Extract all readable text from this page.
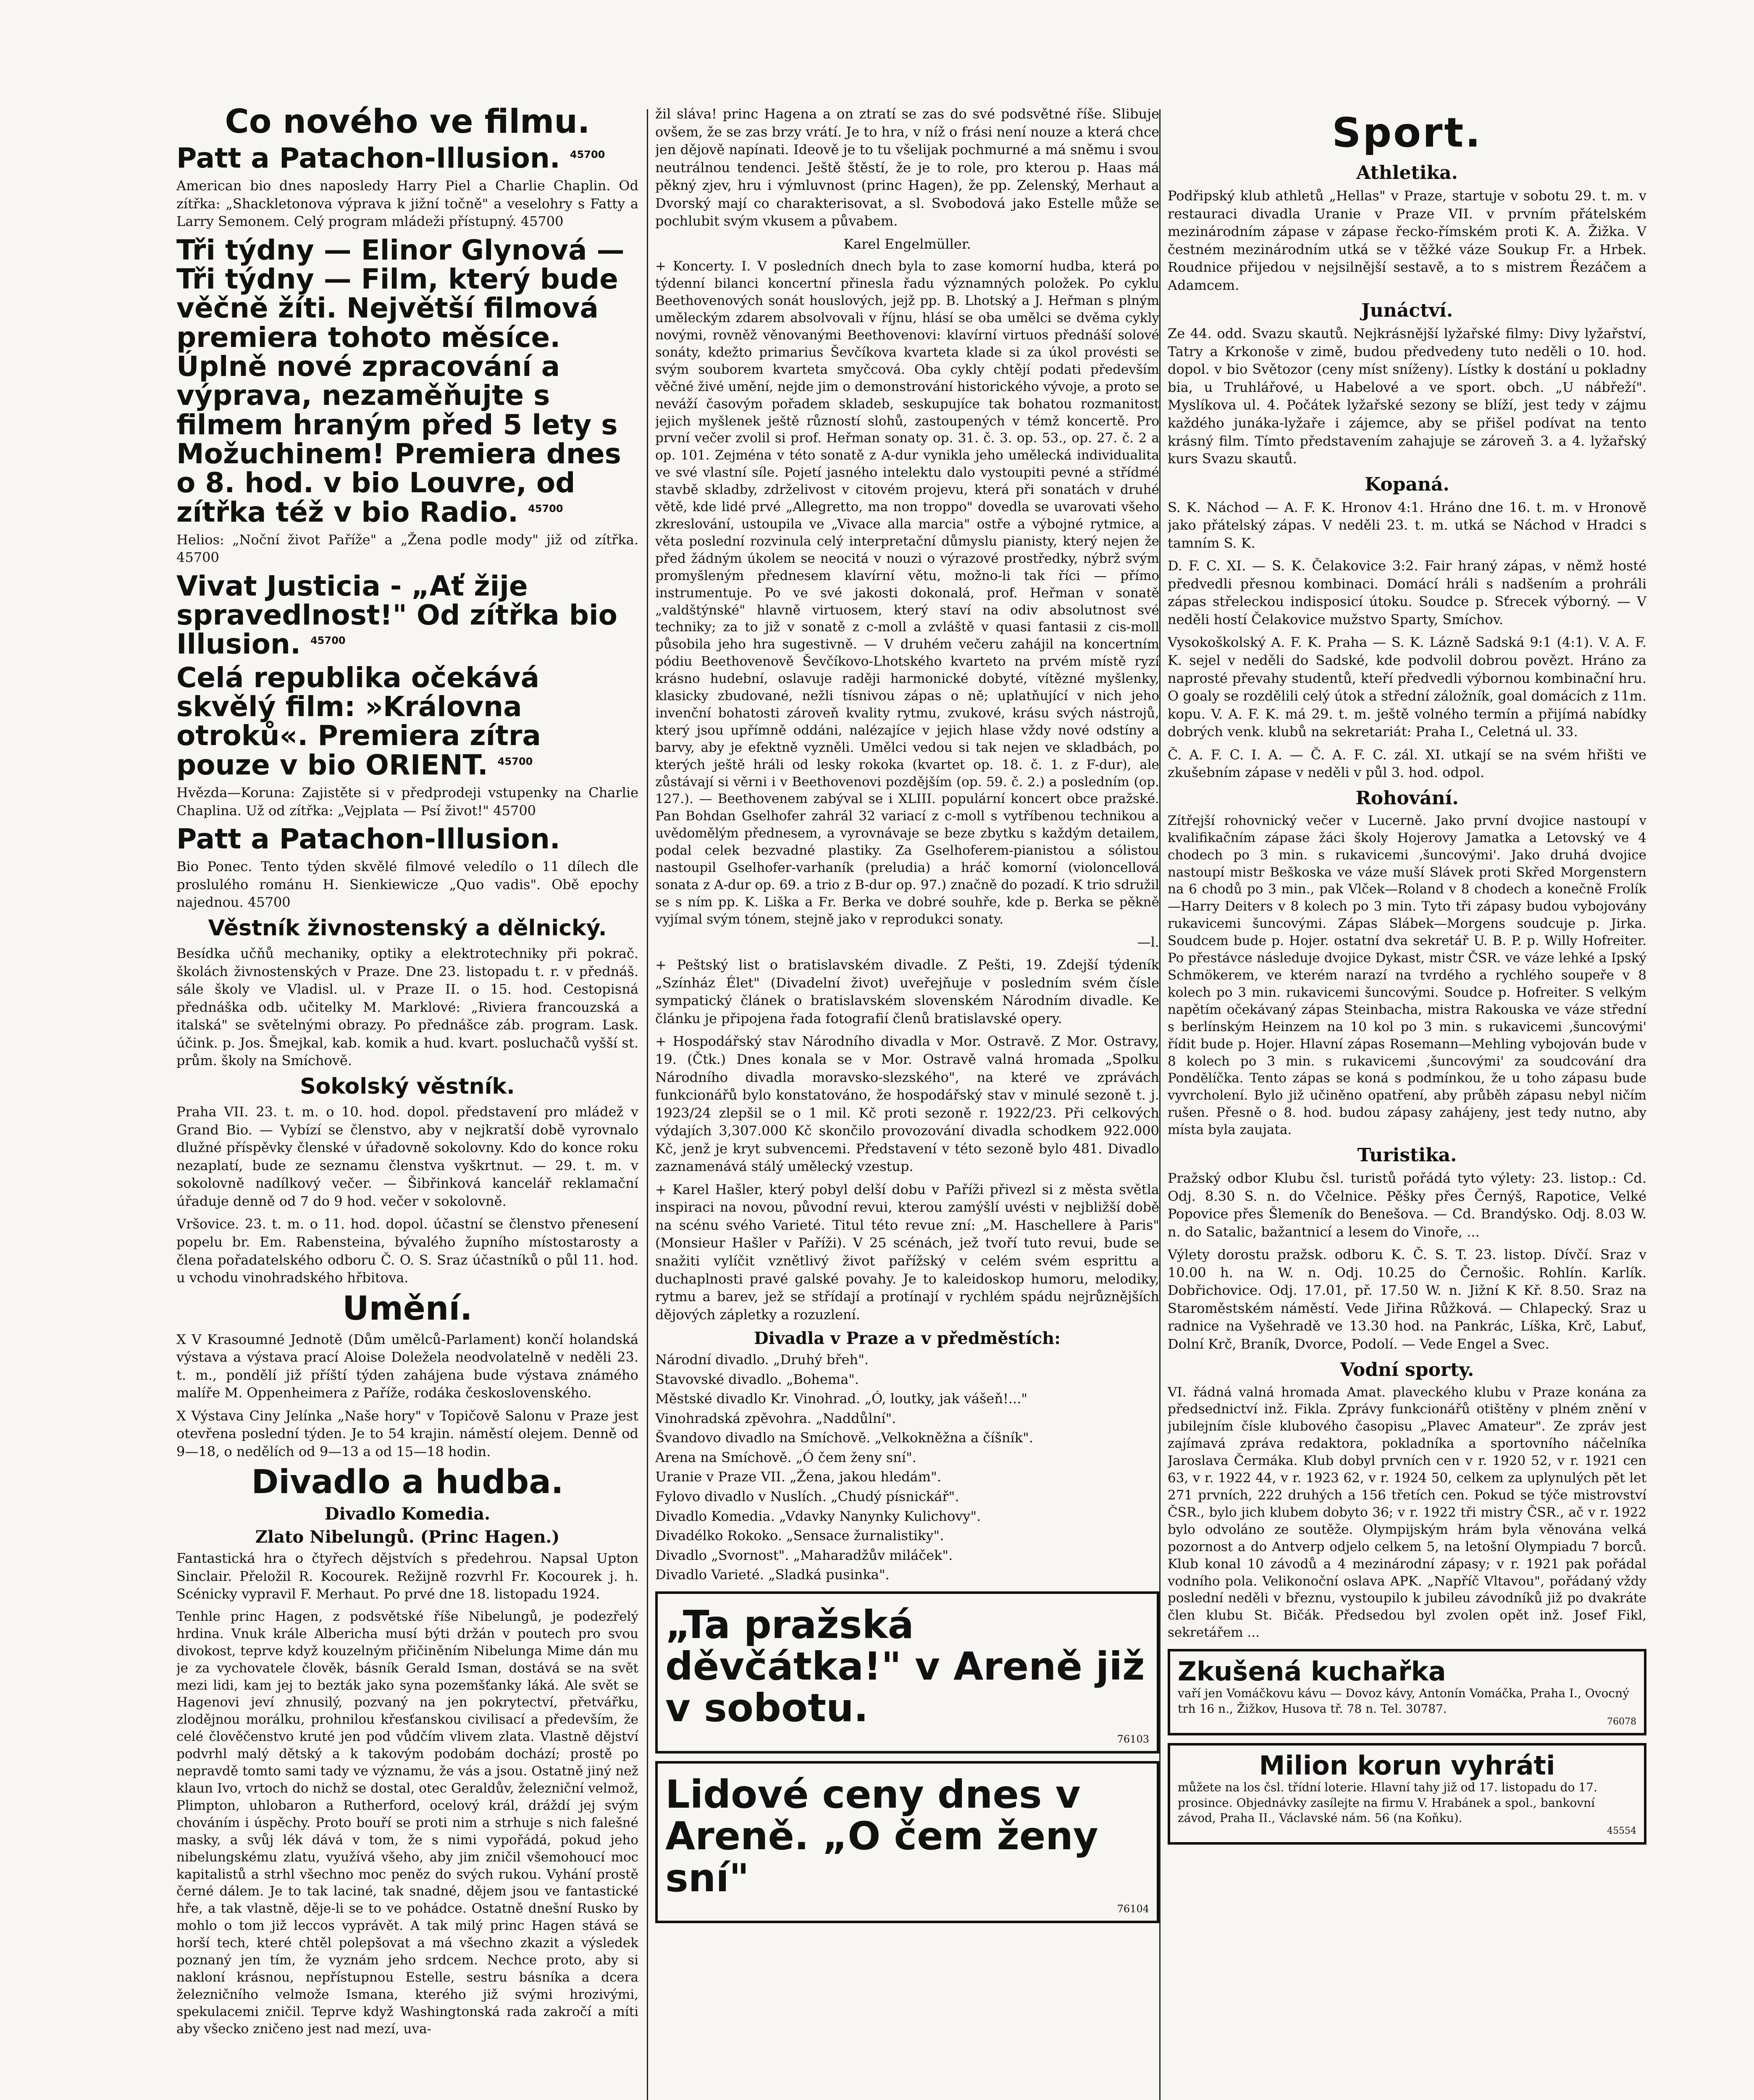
Co nového ve filmu.
Patt a Patachon-Illusion. $^{45700}$

American bio dnes naposledy Harry Piel a Charlie Chaplin. Od zítřka: „Shackletonova výprava k jižní točně" a veselohry s Fatty a Larry Semonem. Celý program mládeži přístupný. 45700

Tři týdny — Elinor Glynová — Tři týdny — Film, který bude věčně žíti. Největší filmová premiera tohoto měsíce. Úplně nové zpracování a výprava, nezaměňujte s filmem hraným před 5 lety s Možuchinem! Premiera dnes o 8. hod. v bio Louvre, od zítřka též v bio Radio. $^{45700}$

Helios: „Noční život Paříže" a „Žena podle mody" již od zítřka. 45700

Vivat Justicia - „Ať žije spravedlnost!" Od zítřka bio Illusion. $^{45700}$
Celá republika očekává skvělý film: »Královna otroků«. Premiera zítra pouze v bio ORIENT. $^{45700}$

Hvězda—Koruna: Zajistěte si v předprodeji vstupenky na Charlie Chaplina. Už od zítřka: „Vejplata — Psí život!" 45700

Patt a Patachon-Illusion.

Bio Ponec. Tento týden skvělé filmové veledílo o 11 dílech dle proslulého románu H. Sienkiewicze „Quo vadis". Obě epochy najednou. 45700

Věstník živnostenský a dělnický.

Besídka učňů mechaniky, optiky a elektrotechniky při pokrač. školách živnostenských v Praze. Dne 23. listopadu t. r. v přednáš. sále školy ve Vladisl. ul. v Praze II. o 15. hod. Cestopisná přednáška odb. učitelky M. Marklové: „Riviera francouzská a italská" se světelnými obrazy. Po přednášce záb. program. Lask. účink. p. Jos. Šmejkal, kab. komik a hud. kvart. posluchačů vyšší st. prům. školy na Smíchově.

Sokolský věstník.

Praha VII. 23. t. m. o 10. hod. dopol. představení pro mládež v Grand Bio. — Vybízí se členstvo, aby v nejkratší době vyrovnalo dlužné příspěvky členské v úřadovně sokolovny. Kdo do konce roku nezaplatí, bude ze seznamu členstva vyškrtnut. — 29. t. m. v sokolovně nadílkový večer. — Šibřinková kancelář reklamační úřaduje denně od 7 do 9 hod. večer v sokolovně.

Vršovice. 23. t. m. o 11. hod. dopol. účastní se členstvo přenesení popelu br. Em. Rabensteina, bývalého župního místostarosty a člena pořadatelského odboru Č. O. S. Sraz účastníků o půl 11. hod. u vchodu vinohradského hřbitova.

Umění.

X V Krasoumné Jednotě (Dům umělců-Parlament) končí holandská výstava a výstava prací Aloise Doležela neodvolatelně v neděli 23. t. m., pondělí již příští týden zahájena bude výstava známého malíře M. Oppenheimera z Paříže, rodáka československého.

X Výstava Ciny Jelínka „Naše hory" v Topičově Salonu v Praze jest otevřena poslední týden. Je to 54 krajin. náměstí olejem. Denně od 9—18, o nedělích od 9—13 a od 15—18 hodin.

Divadlo a hudba.
Divadlo Komedia.
Zlato Nibelungů. (Princ Hagen.)

Fantastická hra o čtyřech dějstvích s předehrou. Napsal Upton Sinclair. Přeložil R. Kocourek. Režijně rozvrhl Fr. Kocourek j. h. Scénicky vypravil F. Merhaut. Po prvé dne 18. listopadu 1924.

Tenhle princ Hagen, z podsvětské říše Nibelungů, je podezřelý hrdina. Vnuk krále Albericha musí býti držán v poutech pro svou divokost, teprve když kouzelným přičiněním Nibelunga Mime dán mu je za vychovatele člověk, básník Gerald Isman, dostává se na svět mezi lidi, kam jej to bezták jako syna pozemšťanky láká. Ale svět se Hagenovi jeví zhnusilý, pozvaný na jen pokrytectví, přetvářku, zlodějnou morálku, prohnilou křesťanskou civilisací a především, že celé člověčenstvo kruté jen pod vůdčím vlivem zlata. Vlastně dějství podvrhl malý dětský a k takovým podobám dochází; prostě po nepravdě tomto sami tady ve významu, že vás a jsou. Ostatně jiný než klaun Ivo, vrtoch do nichž se dostal, otec Geraldův, železniční velmož, Plimpton, uhlobaron a Rutherford, ocelový král, dráždí jej svým chováním i úspěchy. Proto bouří se proti nim a strhuje s nich falešné masky, a svůj lék dává v tom, že s nimi vypořádá, pokud jeho nibelungskému zlatu, využívá všeho, aby jim zničil všemohoucí moc kapitalistů a strhl všechno moc peněz do svých rukou. Vyhání prostě černé dálem. Je to tak laciné, tak snadné, dějem jsou ve fantastické hře, a tak vlastně, děje-li se to ve pohádce. Ostatně dnešní Rusko by mohlo o tom již leccos vyprávět. A tak milý princ Hagen stává se horší tech, které chtěl polepšovat a má všechno zkazit a výsledek poznaný jen tím, že vyznám jeho srdcem. Nechce proto, aby si nakloní krásnou, nepřístupnou Estelle, sestru básníka a dcera železničního velmože Ismana, kterého již svými hrozivými, spekulacemi zničil. Teprve když Washingtonská rada zakročí a míti aby všecko zničeno jest nad mezí, uva-

žil sláva! princ Hagena a on ztratí se zas do své podsvětné říše. Slibuje ovšem, že se zas brzy vrátí. Je to hra, v níž o frási není nouze a která chce jen dějově napínati. Ideově je to tu všelijak pochmurné a má sněmu i svou neutrálnou tendenci. Ještě štěstí, že je to role, pro kterou p. Haas má pěkný zjev, hru i výmluvnost (princ Hagen), že pp. Zelenský, Merhaut a Dvorský mají co charakterisovat, a sl. Svobodová jako Estelle může se pochlubit svým vkusem a půvabem.

Karel Engelmüller.

+ Koncerty. I. V posledních dnech byla to zase komorní hudba, která po týdenní bilanci koncertní přinesla řadu významných položek. Po cyklu Beethovenových sonát houslových, jejž pp. B. Lhotský a J. Heřman s plným uměleckým zdarem absolvovali v říjnu, hlásí se oba umělci se dvěma cykly novými, rovněž věnovanými Beethovenovi: klavírní virtuos přednáší solové sonáty, kdežto primarius Ševčíkova kvarteta klade si za úkol provésti se svým souborem kvarteta smyčcová. Oba cykly chtějí podati především věčné živé umění, nejde jim o demonstrování historického vývoje, a proto se neváží časovým pořadem skladeb, seskupujíce tak bohatou rozmanitost jejich myšlenek ještě růzností slohů, zastoupených v témž koncertě. Pro první večer zvolil si prof. Heřman sonaty op. 31. č. 3. op. 53., op. 27. č. 2 a op. 101. Zejména v této sonatě z A-dur vynikla jeho umělecká individualita ve své vlastní síle. Pojetí jasného intelektu dalo vystoupiti pevné a střídmé stavbě skladby, zdrželivost v citovém projevu, která při sonatách v druhé větě, kde lidé prvé „Allegretto, ma non troppo" dovedla se uvarovati všeho zkreslování, ustoupila ve „Vivace alla marcia" ostře a výbojné rytmice, a věta poslední rozvinula celý interpretační důmyslu pianisty, který nejen že před žádným úkolem se neocitá v nouzi o výrazové prostředky, nýbrž svým promyšleným přednesem klavírní větu, možno-li tak říci — přímo instrumentuje. Po ve své jakosti dokonalá, prof. Heřman v sonatě „valdštýnské" hlavně virtuosem, který staví na odiv absolutnost své techniky; za to již v sonatě z c-moll a zvláště v quasi fantasii z cis-moll působila jeho hra sugestivně. — V druhém večeru zahájil na koncertním pódiu Beethovenově Ševčíkovo-Lhotského kvarteto na prvém místě ryzí krásno hudební, oslavuje raději harmonické dobyté, vítězné myšlenky, klasicky zbudované, nežli tísnivou zápas o ně; uplatňující v nich jeho invenční bohatosti zároveň kvality rytmu, zvukové, krásu svých nástrojů, který jsou upřímně oddáni, nalézajíce v jejich hlase vždy nové odstíny a barvy, aby je efektně vyzněli. Umělci vedou si tak nejen ve skladbách, po kterých ještě hráli od lesky rokoka (kvartet op. 18. č. 1. z F-dur), ale zůstávají si věrni i v Beethovenovi pozdějším (op. 59. č. 2.) a posledním (op. 127.). — Beethovenem zabýval se i XLIII. populární koncert obce pražské. Pan Bohdan Gselhofer zahrál 32 variací z c-moll s vytříbenou technikou a uvědomělým přednesem, a vyrovnávaje se beze zbytku s každým detailem, podal celek bezvadné plastiky. Za Gselhoferem-pianistou a sólistou nastoupil Gselhofer-varhaník (preludia) a hráč komorní (violoncellová sonata z A-dur op. 69. a trio z B-dur op. 97.) značně do pozadí. K trio sdružil se s ním pp. K. Liška a Fr. Berka ve dobré souhře, kde p. Berka se pěkně vyjímal svým tónem, stejně jako v reprodukci sonaty.

—l.

+ Peštský list o bratislavském divadle. Z Pešti, 19. Zdejší týdeník „Színház Élet" (Divadelní život) uveřejňuje v posledním svém čísle sympatický článek o bratislavském slovenském Národním divadle. Ke článku je připojena řada fotografií členů bratislavské opery.

+ Hospodářský stav Národního divadla v Mor. Ostravě. Z Mor. Ostravy, 19. (Čtk.) Dnes konala se v Mor. Ostravě valná hromada „Spolku Národního divadla moravsko-slezského", na které ve zprávách funkcionářů bylo konstatováno, že hospodářský stav v minulé sezoně t. j. 1923/24 zlepšil se o 1 mil. Kč proti sezoně r. 1922/23. Při celkových výdajích 3,307.000 Kč skončilo provozování divadla schodkem 922.000 Kč, jenž je kryt subvencemi. Představení v této sezoně bylo 481. Divadlo zaznamenává stálý umělecký vzestup.

+ Karel Hašler, který pobyl delší dobu v Paříži přivezl si z města světla inspiraci na novou, původní revui, kterou zamýšlí uvésti v nejbližší době na scénu svého Varieté. Titul této revue zní: „M. Haschellere à Paris" (Monsieur Hašler v Paříži). V 25 scénách, jež tvoří tuto revui, bude se snažiti vylíčit vznětlivý život pařížský v celém svém esprittu a duchaplnosti pravé galské povahy. Je to kaleidoskop humoru, melodiky, rytmu a barev, jež se střídají a protínají v rychlém spádu nejrůznějších dějových zápletky a rozuzlení.

Divadla v Praze a v předměstích:

Národní divadlo. „Druhý břeh".

Stavovské divadlo. „Bohema".

Městské divadlo Kr. Vinohrad. „Ó, loutky, jak vášeň!..."

Vinohradská zpěvohra. „Naddůlní".

Švandovo divadlo na Smíchově. „Velkokněžna a číšník".

Arena na Smíchově. „Ó čem ženy sní".

Uranie v Praze VII. „Žena, jakou hledám".

Fylovo divadlo v Nuslích. „Chudý písnickář".

Divadlo Komedia. „Vdavky Nanynky Kulichovy".

Divadélko Rokoko. „Sensace žurnalistiky".

Divadlo „Svornost". „Maharadžův miláček".

Divadlo Varieté. „Sladká pusinka".

„Ta pražská děvčátka!" v Areně již v sobotu.
76103
Lidové ceny dnes v Areně. „O čem ženy sní"
76104
Sport.
Athletika.

Podřipský klub athletů „Hellas" v Praze, startuje v sobotu 29. t. m. v restauraci divadla Uranie v Praze VII. v prvním přátelském mezinárodním zápase v zápase řecko-římském proti K. A. Žižka. V čestném mezinárodním utká se v těžké váze Soukup Fr. a Hrbek. Roudnice přijedou v nejsilnější sestavě, a to s mistrem Řezáčem a Adamcem.

Junáctví.

Ze 44. odd. Svazu skautů. Nejkrásnější lyžařské filmy: Divy lyžařství, Tatry a Krkonoše v zimě, budou předvedeny tuto neděli o 10. hod. dopol. v bio Světozor (ceny míst sníženy). Lístky k dostání u pokladny bia, u Truhlářové, u Habelové a ve sport. obch. „U nábřeží". Myslíkova ul. 4. Počátek lyžařské sezony se blíží, jest tedy v zájmu každého junáka-lyžaře i zájemce, aby se přišel podívat na tento krásný film. Tímto představením zahajuje se zároveň 3. a 4. lyžařský kurs Svazu skautů.

Kopaná.

S. K. Náchod — A. F. K. Hronov 4:1. Hráno dne 16. t. m. v Hronově jako přátelský zápas. V neděli 23. t. m. utká se Náchod v Hradci s tamním S. K.

D. F. C. XI. — S. K. Čelakovice 3:2. Fair hraný zápas, v němž hosté předvedli přesnou kombinaci. Domácí hráli s nadšením a prohráli zápas střeleckou indisposicí útoku. Soudce p. Sťrecek výborný. — V neděli hostí Čelakovice mužstvo Sparty, Smíchov.

Vysokoškolský A. F. K. Praha — S. K. Lázně Sadská 9:1 (4:1). V. A. F. K. sejel v neděli do Sadské, kde podvolil dobrou povězt. Hráno za naprosté převahy studentů, kteří předvedli výbornou kombinační hru. O goaly se rozdělili celý útok a střední záložník, goal domácích z 11m. kopu. V. A. F. K. má 29. t. m. ještě volného termín a přijímá nabídky dobrých venk. klubů na sekretariát: Praha I., Celetná ul. 33.

Č. A. F. C. I. A. — Č. A. F. C. zál. XI. utkají se na svém hřišti ve zkušebním zápase v neděli v půl 3. hod. odpol.

Rohování.

Zítřejší rohovnický večer v Lucerně. Jako první dvojice nastoupí v kvalifikačním zápase žáci školy Hojerovy Jamatka a Letovský ve 4 chodech po 3 min. s rukavicemi ‚šuncovými'. Jako druhá dvojice nastoupí mistr Beškoska ve váze muší Slávek proti Skřed Morgenstern na 6 chodů po 3 min., pak Vlček—Roland v 8 chodech a konečně Frolík—Harry Deiters v 8 kolech po 3 min. Tyto tři zápasy budou vybojovány rukavicemi šuncovými. Zápas Slábek—Morgens soudcuje p. Jirka. Soudcem bude p. Hojer. ostatní dva sekretář U. B. P. p. Willy Hofreiter. Po přestávce následuje dvojice Dykast, mistr ČSR. ve váze lehké a Ipský Schmökerem, ve kterém narazí na tvrdého a rychlého soupeře v 8 kolech po 3 min. rukavicemi šuncovými. Soudce p. Hofreiter. S velkým napětím očekávaný zápas Steinbacha, mistra Rakouska ve váze střední s berlínským Heinzem na 10 kol po 3 min. s rukavicemi ‚šuncovými' řídit bude p. Hojer. Hlavní zápas Rosemann—Mehling vybojován bude v 8 kolech po 3 min. s rukavicemi ‚šuncovými' za soudcování dra Pondělíčka. Tento zápas se koná s podmínkou, že u toho zápasu bude vyvrcholení. Bylo již učiněno opatření, aby průběh zápasu nebyl ničím rušen. Přesně o 8. hod. budou zápasy zahájeny, jest tedy nutno, aby místa byla zaujata.

Turistika.

Pražský odbor Klubu čsl. turistů pořádá tyto výlety: 23. listop.: Cd. Odj. 8.30 S. n. do Včelnice. Pěšky přes Černýš, Rapotice, Velké Popovice přes Šlemeník do Benešova. — Cd. Brandýsko. Odj. 8.03 W. n. do Satalic, bažantnicí a lesem do Vinoře, ...

Výlety dorostu pražsk. odboru K. Č. S. T. 23. listop. Dívčí. Sraz v 10.00 h. na W. n. Odj. 10.25 do Černošic. Rohlín. Karlík. Dobřichovice. Odj. 17.01, př. 17.50 W. n. Jižní K Kř. 8.50. Sraz na Staroměstském náměstí. Vede Jiřina Růžková. — Chlapecký. Sraz u radnice na Vyšehradě ve 13.30 hod. na Pankrác, Líška, Krč, Labuť, Dolní Krč, Braník, Dvorce, Podolí. — Vede Engel a Svec.

Vodní sporty.

VI. řádná valná hromada Amat. plaveckého klubu v Praze konána za předsednictví inž. Fikla. Zprávy funkcionářů otištěny v plném znění v jubilejním čísle klubového časopisu „Plavec Amateur". Ze zpráv jest zajímavá zpráva redaktora, pokladníka a sportovního náčelníka Jaroslava Čermáka. Klub dobyl prvních cen v r. 1920 52, v r. 1921 cen 63, v r. 1922 44, v r. 1923 62, v r. 1924 50, celkem za uplynulých pět let 271 prvních, 222 druhých a 156 třetích cen. Pokud se týče mistrovství ČSR., bylo jich klubem dobyto 36; v r. 1922 tři mistry ČSR., ač v r. 1922 bylo odvoláno ze soutěže. Olympijským hrám byla věnována velká pozornost a do Antverp odjelo celkem 5, na letošní Olympiadu 7 borců. Klub konal 10 závodů a 4 mezinárodní zápasy; v r. 1921 pak pořádal vodního pola. Velikonoční oslava APK. „Napříč Vltavou", pořádaný vždy poslední neděli v březnu, vystoupilo k jubileu závodníků již po dvakráte člen klubu St. Bičák. Předsedou byl zvolen opět inž. Josef Fikl, sekretářem ...

Zkušená kuchařka
vaří jen Vomáčkovu kávu — Dovoz kávy, Antonín Vomáčka, Praha I., Ovocný trh 16 n., Žižkov, Husova tř. 78 n. Tel. 30787.
76078
Milion korun vyhráti
můžete na los čsl. třídní loterie. Hlavní tahy již od 17. listopadu do 17. prosince. Objednávky zasílejte na firmu V. Hrabánek a spol., bankovní závod, Praha II., Václavské nám. 56 (na Koňku).
45554
